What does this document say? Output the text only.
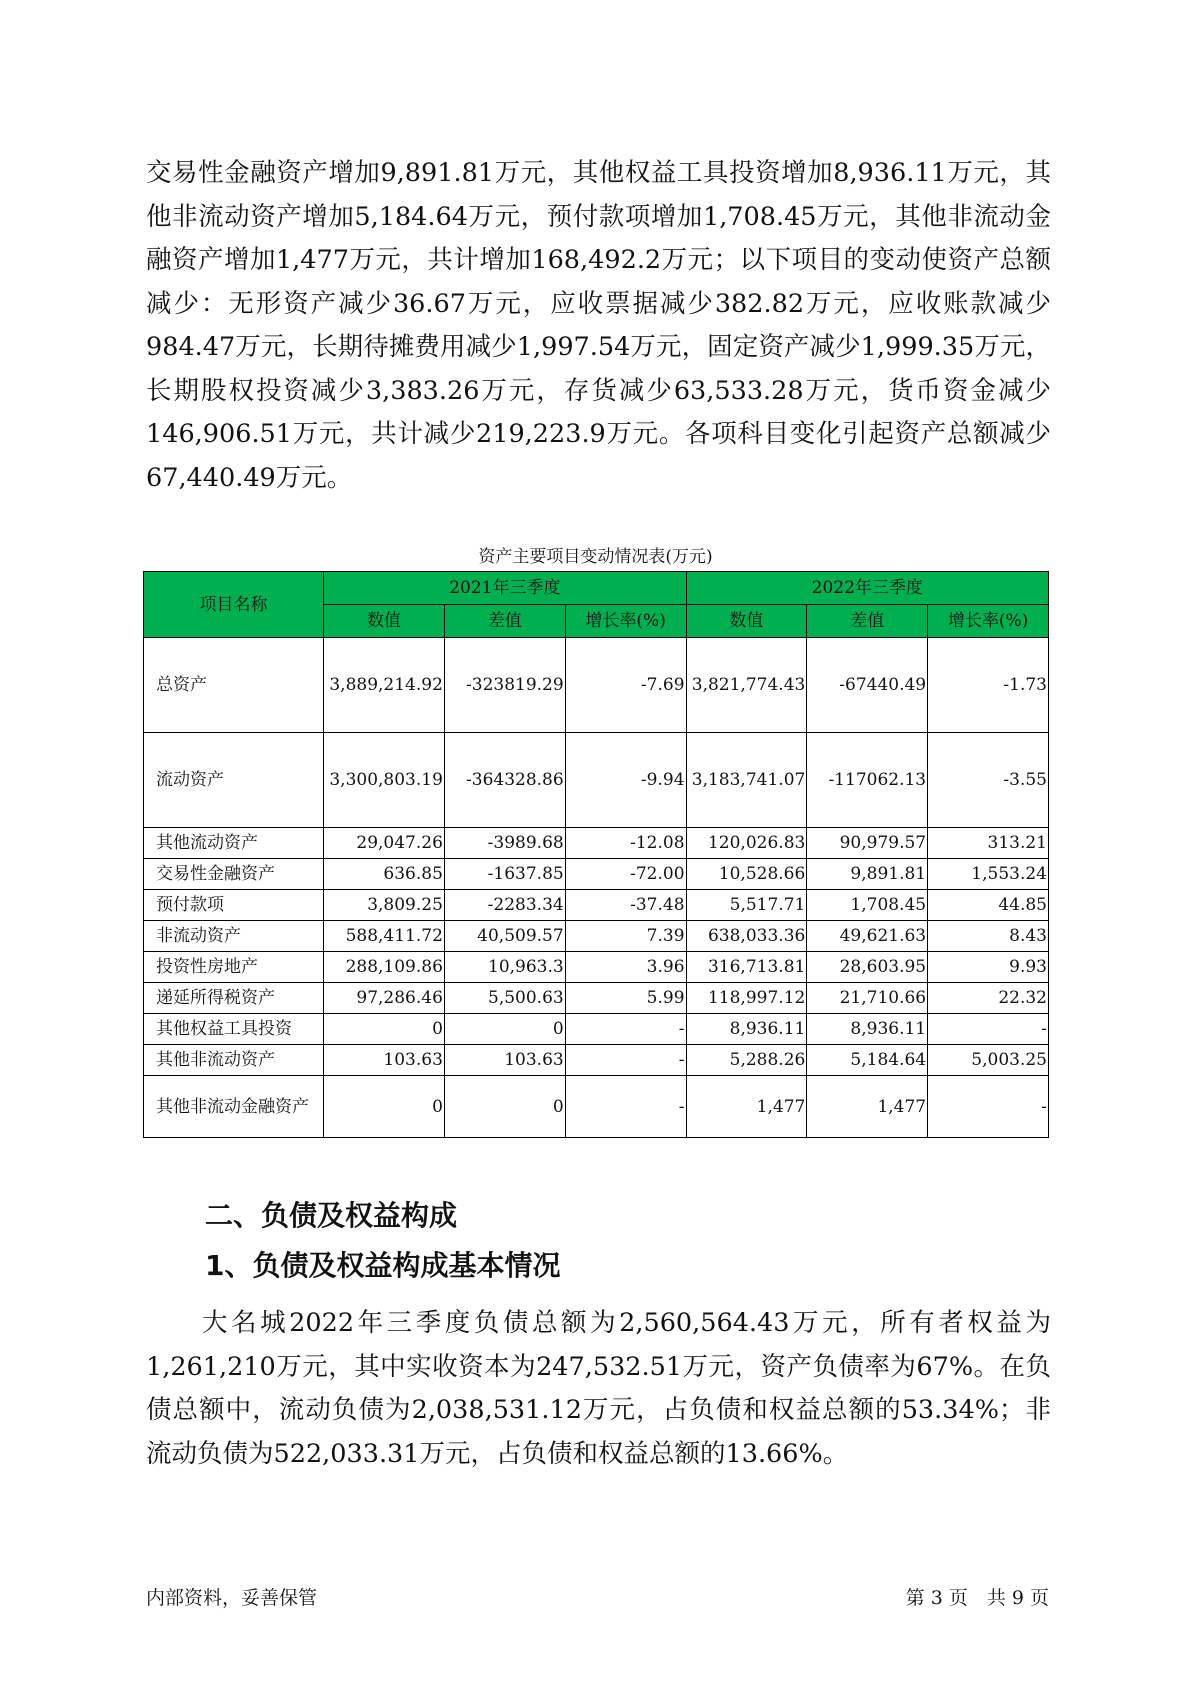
交易性金融资产增加9,891.81万元，其他权益工具投资增加8,936.11万元，其他非流动资产增加5,184.64万元，预付款项增加1,708.45万元，其他非流动金融资产增加1,477万元，共计增加168,492.2万元；以下项目的变动使资产总额减少：无形资产减少36.67万元，应收票据减少382.82万元，应收账款减少984.47万元，长期待摊费用减少1,997.54万元，固定资产减少1,999.35万元，长期股权投资减少3,383.26万元，存货减少63,533.28万元，货币资金减少146,906.51万元，共计减少219,223.9万元。各项科目变化引起资产总额减少67,440.49万元。

资产主要项目变动情况表(万元)
项目名称	2021年三季度			2022年三季度		
	数值	差值	增长率(%)	数值	差值	增长率(%)
总资产	3,889,214.92	-323819.29	-7.69	3,821,774.43	-67440.49	-1.73
流动资产	3,300,803.19	-364328.86	-9.94	3,183,741.07	-117062.13	-3.55
其他流动资产	29,047.26	-3989.68	-12.08	120,026.83	90,979.57	313.21
交易性金融资产	636.85	-1637.85	-72.00	10,528.66	9,891.81	1,553.24
预付款项	3,809.25	-2283.34	-37.48	5,517.71	1,708.45	44.85
非流动资产	588,411.72	40,509.57	7.39	638,033.36	49,621.63	8.43
投资性房地产	288,109.86	10,963.3	3.96	316,713.81	28,603.95	9.93
递延所得税资产	97,286.46	5,500.63	5.99	118,997.12	21,710.66	22.32
其他权益工具投资	0	0	-	8,936.11	8,936.11	-
其他非流动资产	103.63	103.63	-	5,288.26	5,184.64	5,003.25
其他非流动金融资产	0	0	-	1,477	1,477	-
二、负债及权益构成
1、负债及权益构成基本情况

大名城2022年三季度负债总额为2,560,564.43万元，所有者权益为1,261,210万元，其中实收资本为247,532.51万元，资产负债率为67%。在负债总额中，流动负债为2,038,531.12万元，占负债和权益总额的53.34%；非流动负债为522,033.31万元，占负债和权益总额的13.66%。

内部资料，妥善保管	第 3 页　共 9 页
